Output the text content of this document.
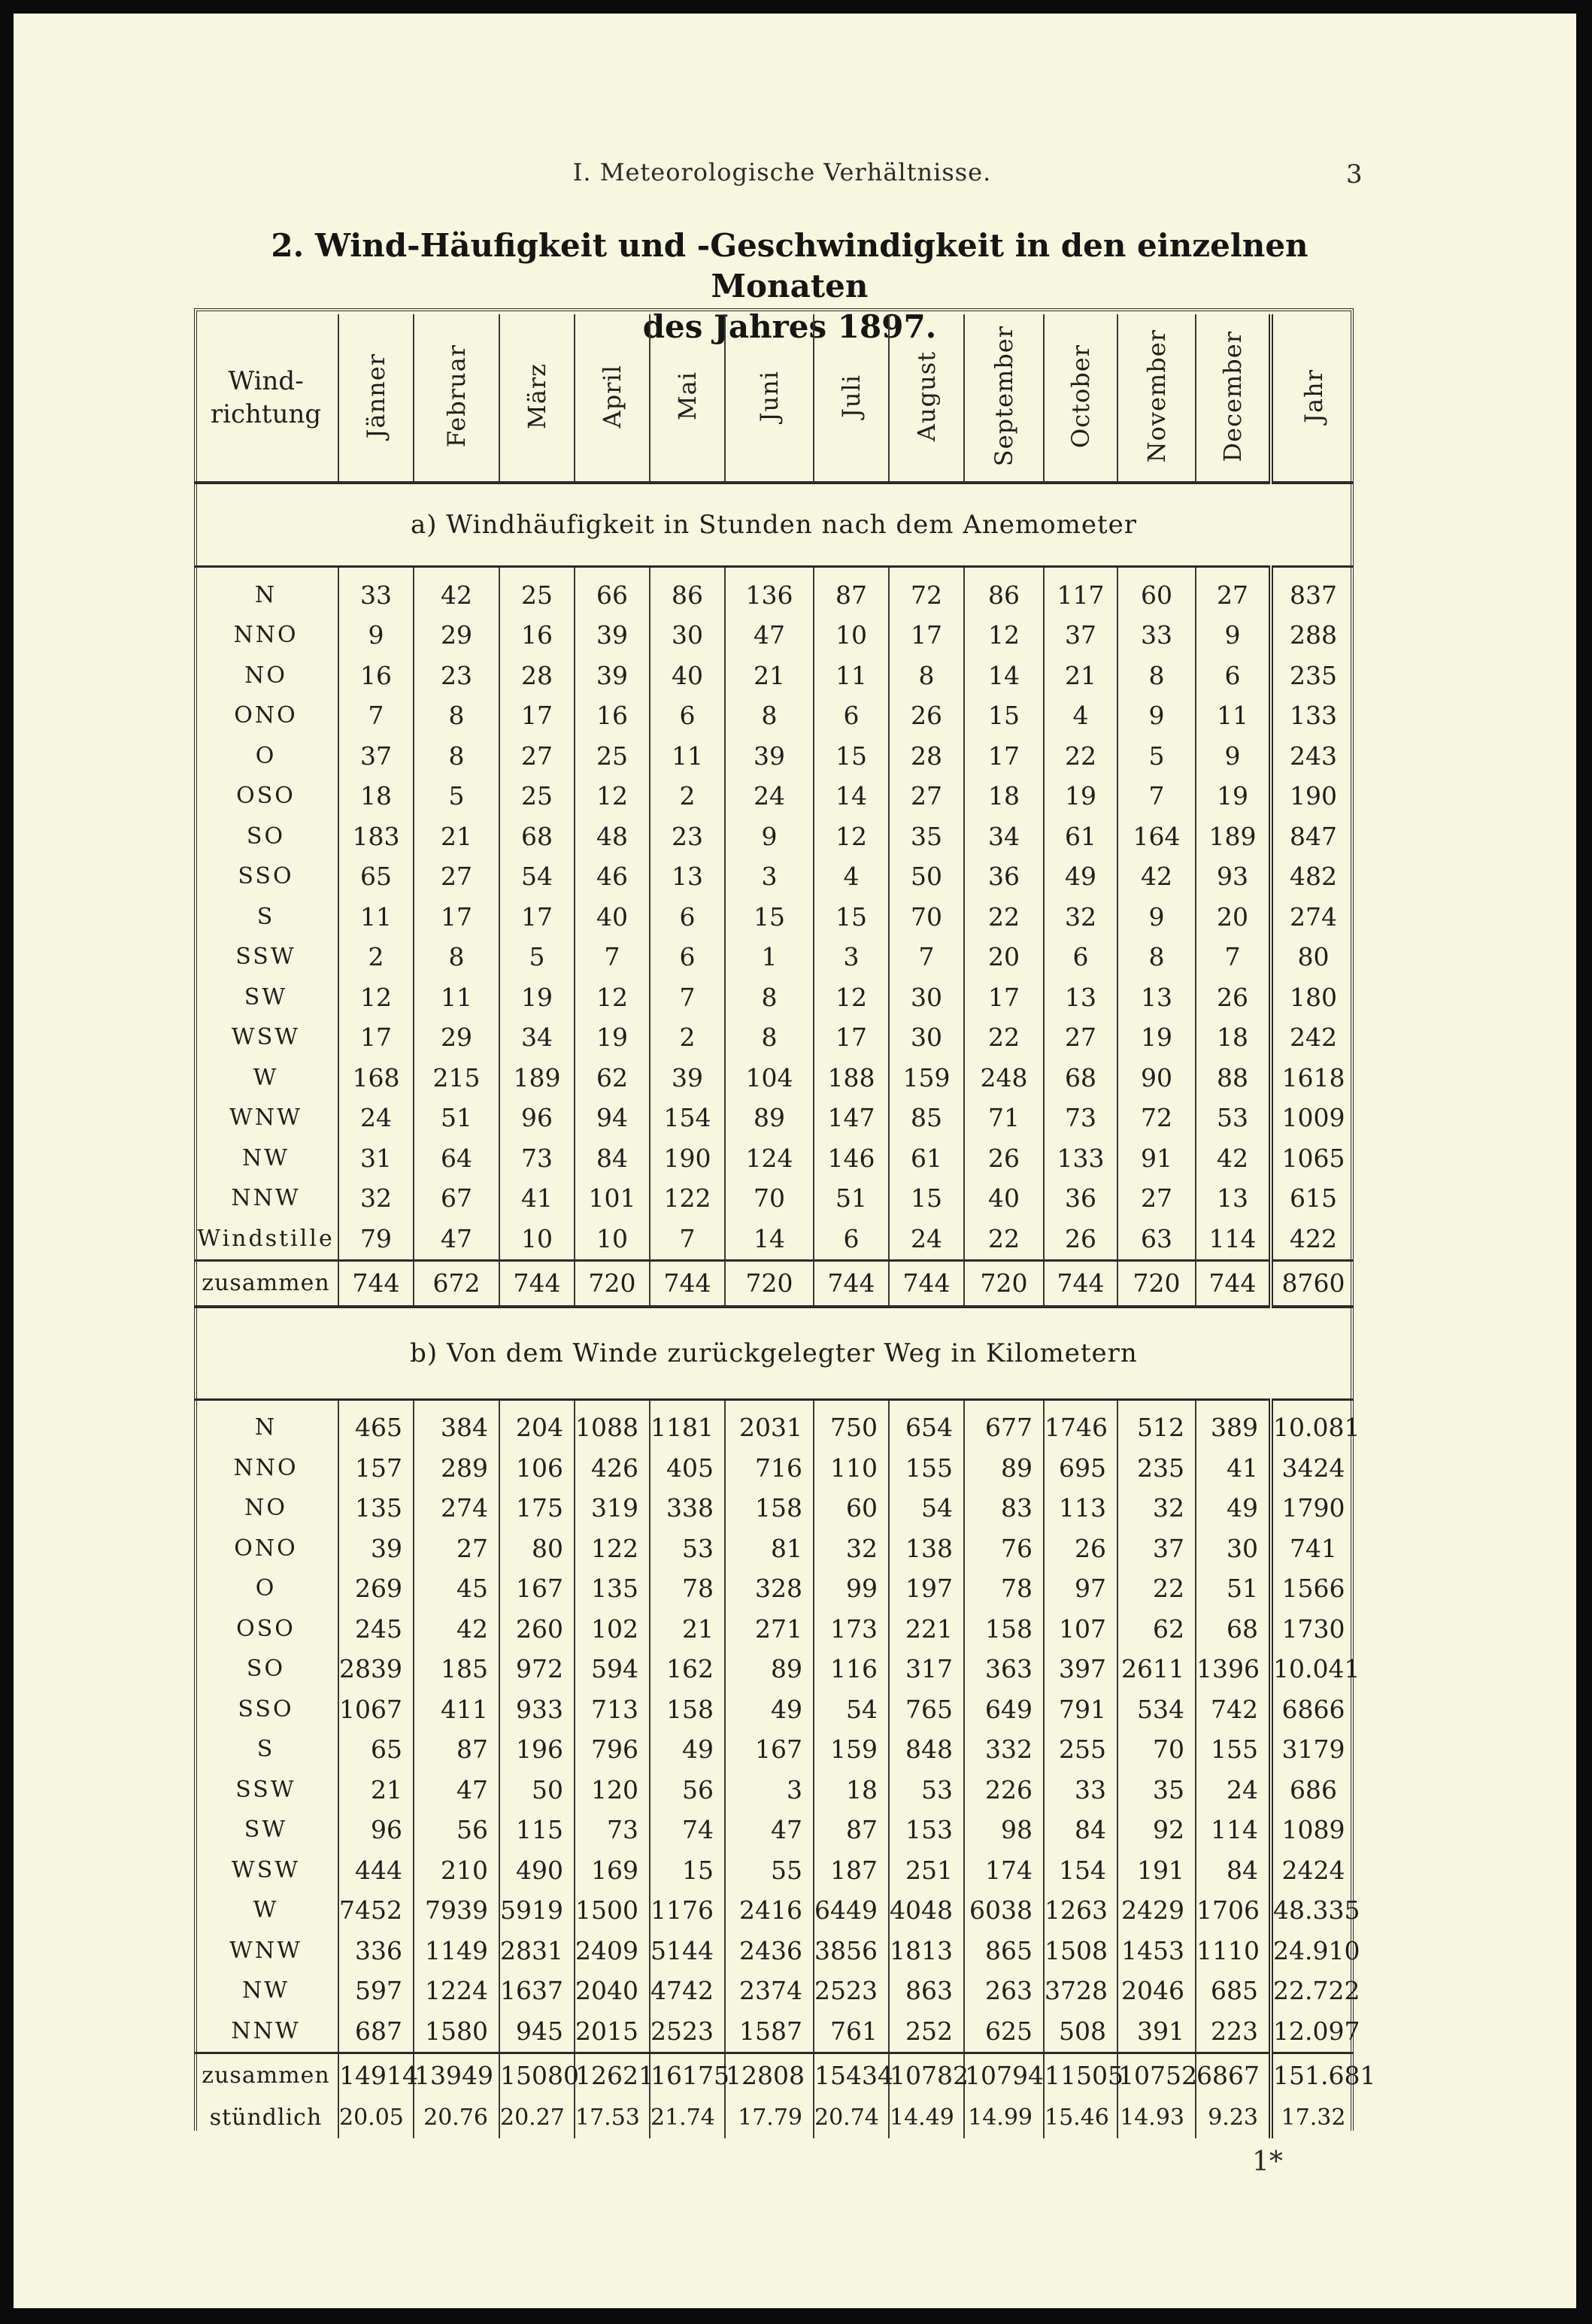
I. Meteorologische Verhältnisse.	3
2. Wind-Häufigkeit und -Geschwindigkeit in den einzelnen Monaten
des Jahres 1897.
Wind-
richtung	Jänner	Februar	März	April	Mai	Juni	Juli	August	September	October	November	December	Jahr
a) Windhäufigkeit in Stunden nach dem Anemometer													
N	33	42	25	66	86	136	87	72	86	117	60	27	837
NNO	9	29	16	39	30	47	10	17	12	37	33	9	288
NO	16	23	28	39	40	21	11	8	14	21	8	6	235
ONO	7	8	17	16	6	8	6	26	15	4	9	11	133
O	37	8	27	25	11	39	15	28	17	22	5	9	243
OSO	18	5	25	12	2	24	14	27	18	19	7	19	190
SO	183	21	68	48	23	9	12	35	34	61	164	189	847
SSO	65	27	54	46	13	3	4	50	36	49	42	93	482
S	11	17	17	40	6	15	15	70	22	32	9	20	274
SSW	2	8	5	7	6	1	3	7	20	6	8	7	80
SW	12	11	19	12	7	8	12	30	17	13	13	26	180
WSW	17	29	34	19	2	8	17	30	22	27	19	18	242
W	168	215	189	62	39	104	188	159	248	68	90	88	1618
WNW	24	51	96	94	154	89	147	85	71	73	72	53	1009
NW	31	64	73	84	190	124	146	61	26	133	91	42	1065
NNW	32	67	41	101	122	70	51	15	40	36	27	13	615
Windstille	79	47	10	10	7	14	6	24	22	26	63	114	422
zusammen	744	672	744	720	744	720	744	744	720	744	720	744	8760
b) Von dem Winde zurückgelegter Weg in Kilometern													
N	465	384	204	1088	1181	2031	750	654	677	1746	512	389	10.081
NNO	157	289	106	426	405	716	110	155	89	695	235	41	3424
NO	135	274	175	319	338	158	60	54	83	113	32	49	1790
ONO	39	27	80	122	53	81	32	138	76	26	37	30	741
O	269	45	167	135	78	328	99	197	78	97	22	51	1566
OSO	245	42	260	102	21	271	173	221	158	107	62	68	1730
SO	2839	185	972	594	162	89	116	317	363	397	2611	1396	10.041
SSO	1067	411	933	713	158	49	54	765	649	791	534	742	6866
S	65	87	196	796	49	167	159	848	332	255	70	155	3179
SSW	21	47	50	120	56	3	18	53	226	33	35	24	686
SW	96	56	115	73	74	47	87	153	98	84	92	114	1089
WSW	444	210	490	169	15	55	187	251	174	154	191	84	2424
W	7452	7939	5919	1500	1176	2416	6449	4048	6038	1263	2429	1706	48.335
WNW	336	1149	2831	2409	5144	2436	3856	1813	865	1508	1453	1110	24.910
NW	597	1224	1637	2040	4742	2374	2523	863	263	3728	2046	685	22.722
NNW	687	1580	945	2015	2523	1587	761	252	625	508	391	223	12.097
zusammen	14914	13949	15080	12621	16175	12808	15434	10782	10794	11505	10752	6867	151.681
stündlich	20.05	20.76	20.27	17.53	21.74	17.79	20.74	14.49	14.99	15.46	14.93	9.23	17.32
1*
